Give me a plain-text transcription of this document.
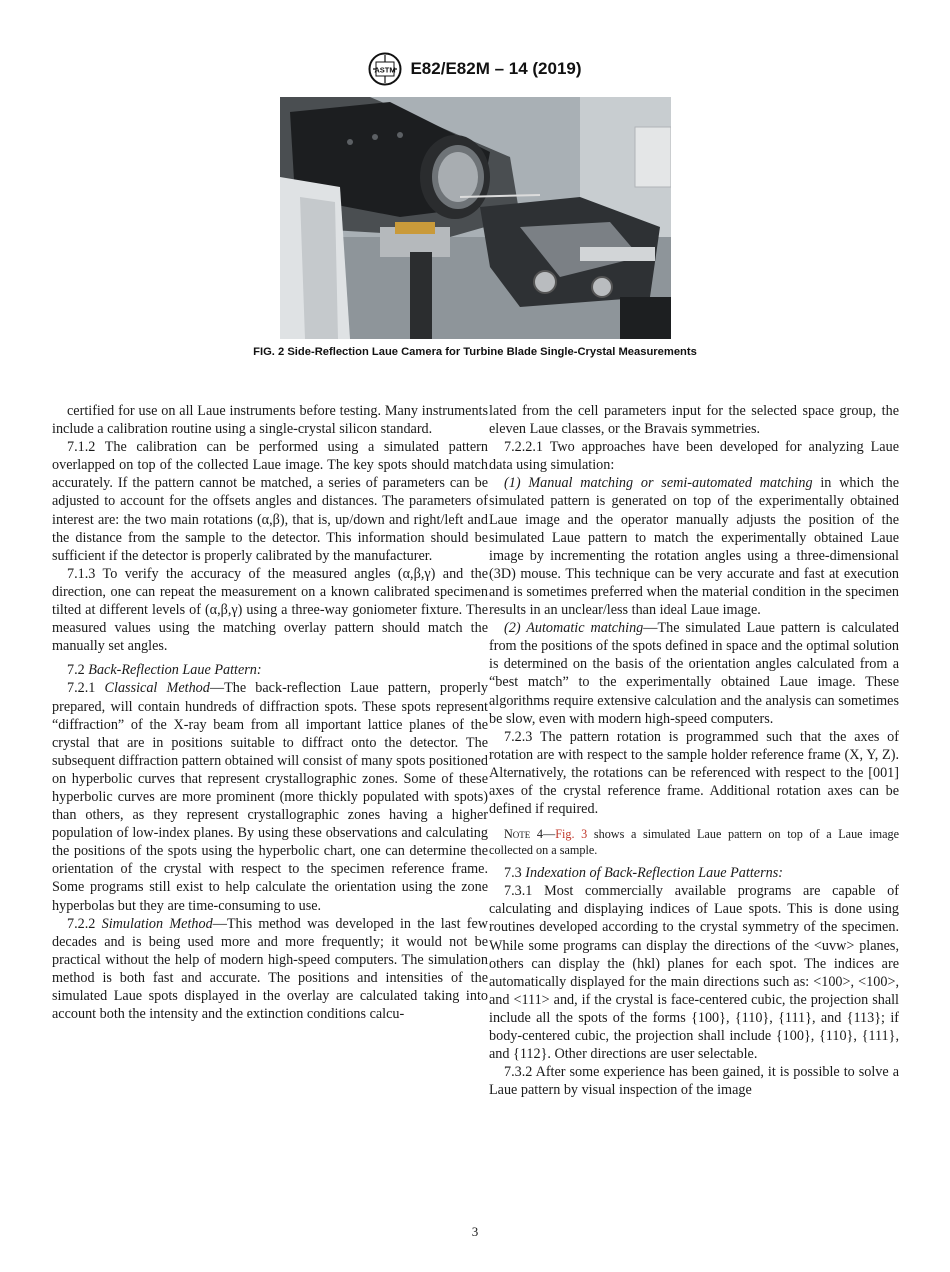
ASTM E82/E82M – 14 (2019)
FIG. 2 Side-Reflection Laue Camera for Turbine Blade Single-Crystal Measurements

certified for use on all Laue instruments before testing. Many instruments include a calibration routine using a single-crystal silicon standard.

7.1.2 The calibration can be performed using a simulated pattern overlapped on top of the collected Laue image. The key spots should match accurately. If the pattern cannot be matched, a series of parameters can be adjusted to account for the offsets angles and distances. The parameters of interest are: the two main rotations (α,β), that is, up/down and right/left and the distance from the sample to the detector. This information should be sufficient if the detector is properly calibrated by the manufacturer.

7.1.3 To verify the accuracy of the measured angles (α,β,γ) and the direction, one can repeat the measurement on a known calibrated specimen tilted at different levels of (α,β,γ) using a three-way goniometer fixture. The measured values using the matching overlay pattern should match the manually set angles.

7.2 Back-Reflection Laue Pattern:

7.2.1 Classical Method—The back-reflection Laue pattern, properly prepared, will contain hundreds of diffraction spots. These spots represent “diffraction” of the X-ray beam from all important lattice planes of the crystal that are in positions suitable to diffract onto the detector. The subsequent diffraction pattern obtained will consist of many spots positioned on hyperbolic curves that represent crystallographic zones. Some of these hyperbolic curves are more prominent (more thickly populated with spots) than others, as they represent crystallographic zones having a higher population of low-index planes. By using these observations and calculating the positions of the spots using the hyperbolic chart, one can determine the orientation of the crystal with respect to the specimen reference frame. Some programs still exist to help calculate the orientation using the zone hyperbolas but they are time-consuming to use.

7.2.2 Simulation Method—This method was developed in the last few decades and is being used more and more frequently; it would not be practical without the help of modern high-speed computers. The simulation method is both fast and accurate. The positions and intensities of the simulated Laue spots displayed in the overlay are calculated taking into account both the intensity and the extinction conditions calcu-

lated from the cell parameters input for the selected space group, the eleven Laue classes, or the Bravais symmetries.

7.2.2.1 Two approaches have been developed for analyzing Laue data using simulation:

(1) Manual matching or semi-automated matching in which the simulated pattern is generated on top of the experimentally obtained Laue image and the operator manually adjusts the position of the simulated Laue pattern to match the experimentally obtained Laue image by incrementing the rotation angles using a three-dimensional (3D) mouse. This technique can be very accurate and fast at execution and is sometimes preferred when the material condition in the specimen results in an unclear/less than ideal Laue image.

(2) Automatic matching—The simulated Laue pattern is calculated from the positions of the spots defined in space and the optimal solution is determined on the basis of the orientation angles calculated from a “best match” to the experimentally obtained Laue image. These algorithms require extensive calculation and the analysis can sometimes be slow, even with modern high-speed computers.

7.2.3 The pattern rotation is programmed such that the axes of rotation are with respect to the sample holder reference frame (X, Y, Z). Alternatively, the rotations can be referenced with respect to the [001] axes of the crystal reference frame. Additional rotation axes can be defined if required.

Note 4—Fig. 3 shows a simulated Laue pattern on top of a Laue image collected on a sample.

7.3 Indexation of Back-Reflection Laue Patterns:

7.3.1 Most commercially available programs are capable of calculating and displaying indices of Laue spots. This is done using routines developed according to the crystal symmetry of the specimen. While some programs can display the directions of the <uvw> planes, others can display the (hkl) planes for each spot. The indices are automatically displayed for the main directions such as: <100>, <100>, and <111> and, if the crystal is face-centered cubic, the projection shall include all the spots of the forms {100}, {110}, {111}, and {113}; if body-centered cubic, the projection shall include {100}, {110}, {111}, and {112}. Other directions are user selectable.

7.3.2 After some experience has been gained, it is possible to solve a Laue pattern by visual inspection of the image

3
